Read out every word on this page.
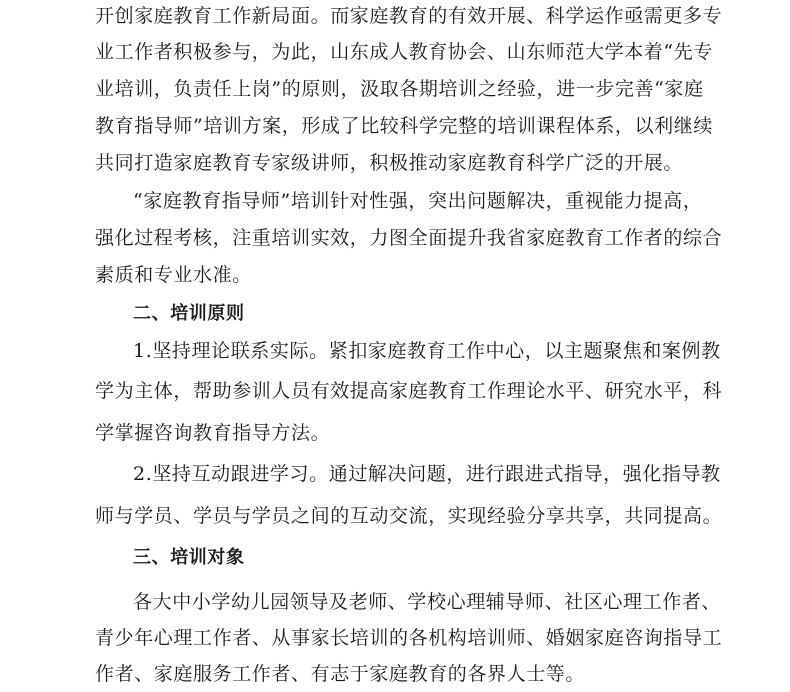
开创家庭教育工作新局面。而家庭教育的有效开展、科学运作亟需更多专
业工作者积极参与，为此，山东成人教育协会、山东师范大学本着“先专
业培训，负责任上岗”的原则，汲取各期培训之经验，进一步完善“家庭
教育指导师”培训方案，形成了比较科学完整的培训课程体系，以利继续
共同打造家庭教育专家级讲师，积极推动家庭教育科学广泛的开展。
“家庭教育指导师”培训针对性强，突出问题解决，重视能力提高，
强化过程考核，注重培训实效，力图全面提升我省家庭教育工作者的综合
素质和专业水准。
二、培训原则
1.坚持理论联系实际。紧扣家庭教育工作中心，以主题聚焦和案例教
学为主体，帮助参训人员有效提高家庭教育工作理论水平、研究水平，科
学掌握咨询教育指导方法。
2.坚持互动跟进学习。通过解决问题，进行跟进式指导，强化指导教
师与学员、学员与学员之间的互动交流，实现经验分享共享，共同提高。
三、培训对象
各大中小学幼儿园领导及老师、学校心理辅导师、社区心理工作者、
青少年心理工作者、从事家长培训的各机构培训师、婚姻家庭咨询指导工
作者、家庭服务工作者、有志于家庭教育的各界人士等。
